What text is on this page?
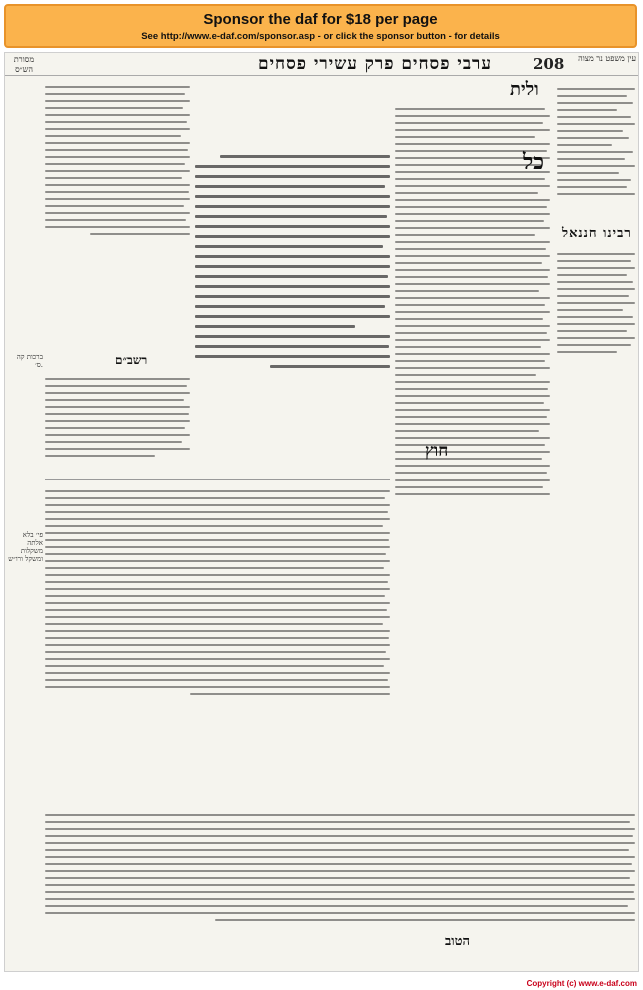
Sponsor the daf for $18 per page
See http://www.e-daf.com/sponsor.asp - or click the sponsor button - for details
208
ערבי פסחים פרק עשירי פסחים	עין משפט נר מצוה
מסורת הש״ס
רבינו חננאל
ולית
כל
חוץ
רשב״ם
ברכות קה ס׳.
פי׳ בלא אלתה משקלות ומשקל ורו״ש
הטוב
Copyright (c) www.e-daf.com
